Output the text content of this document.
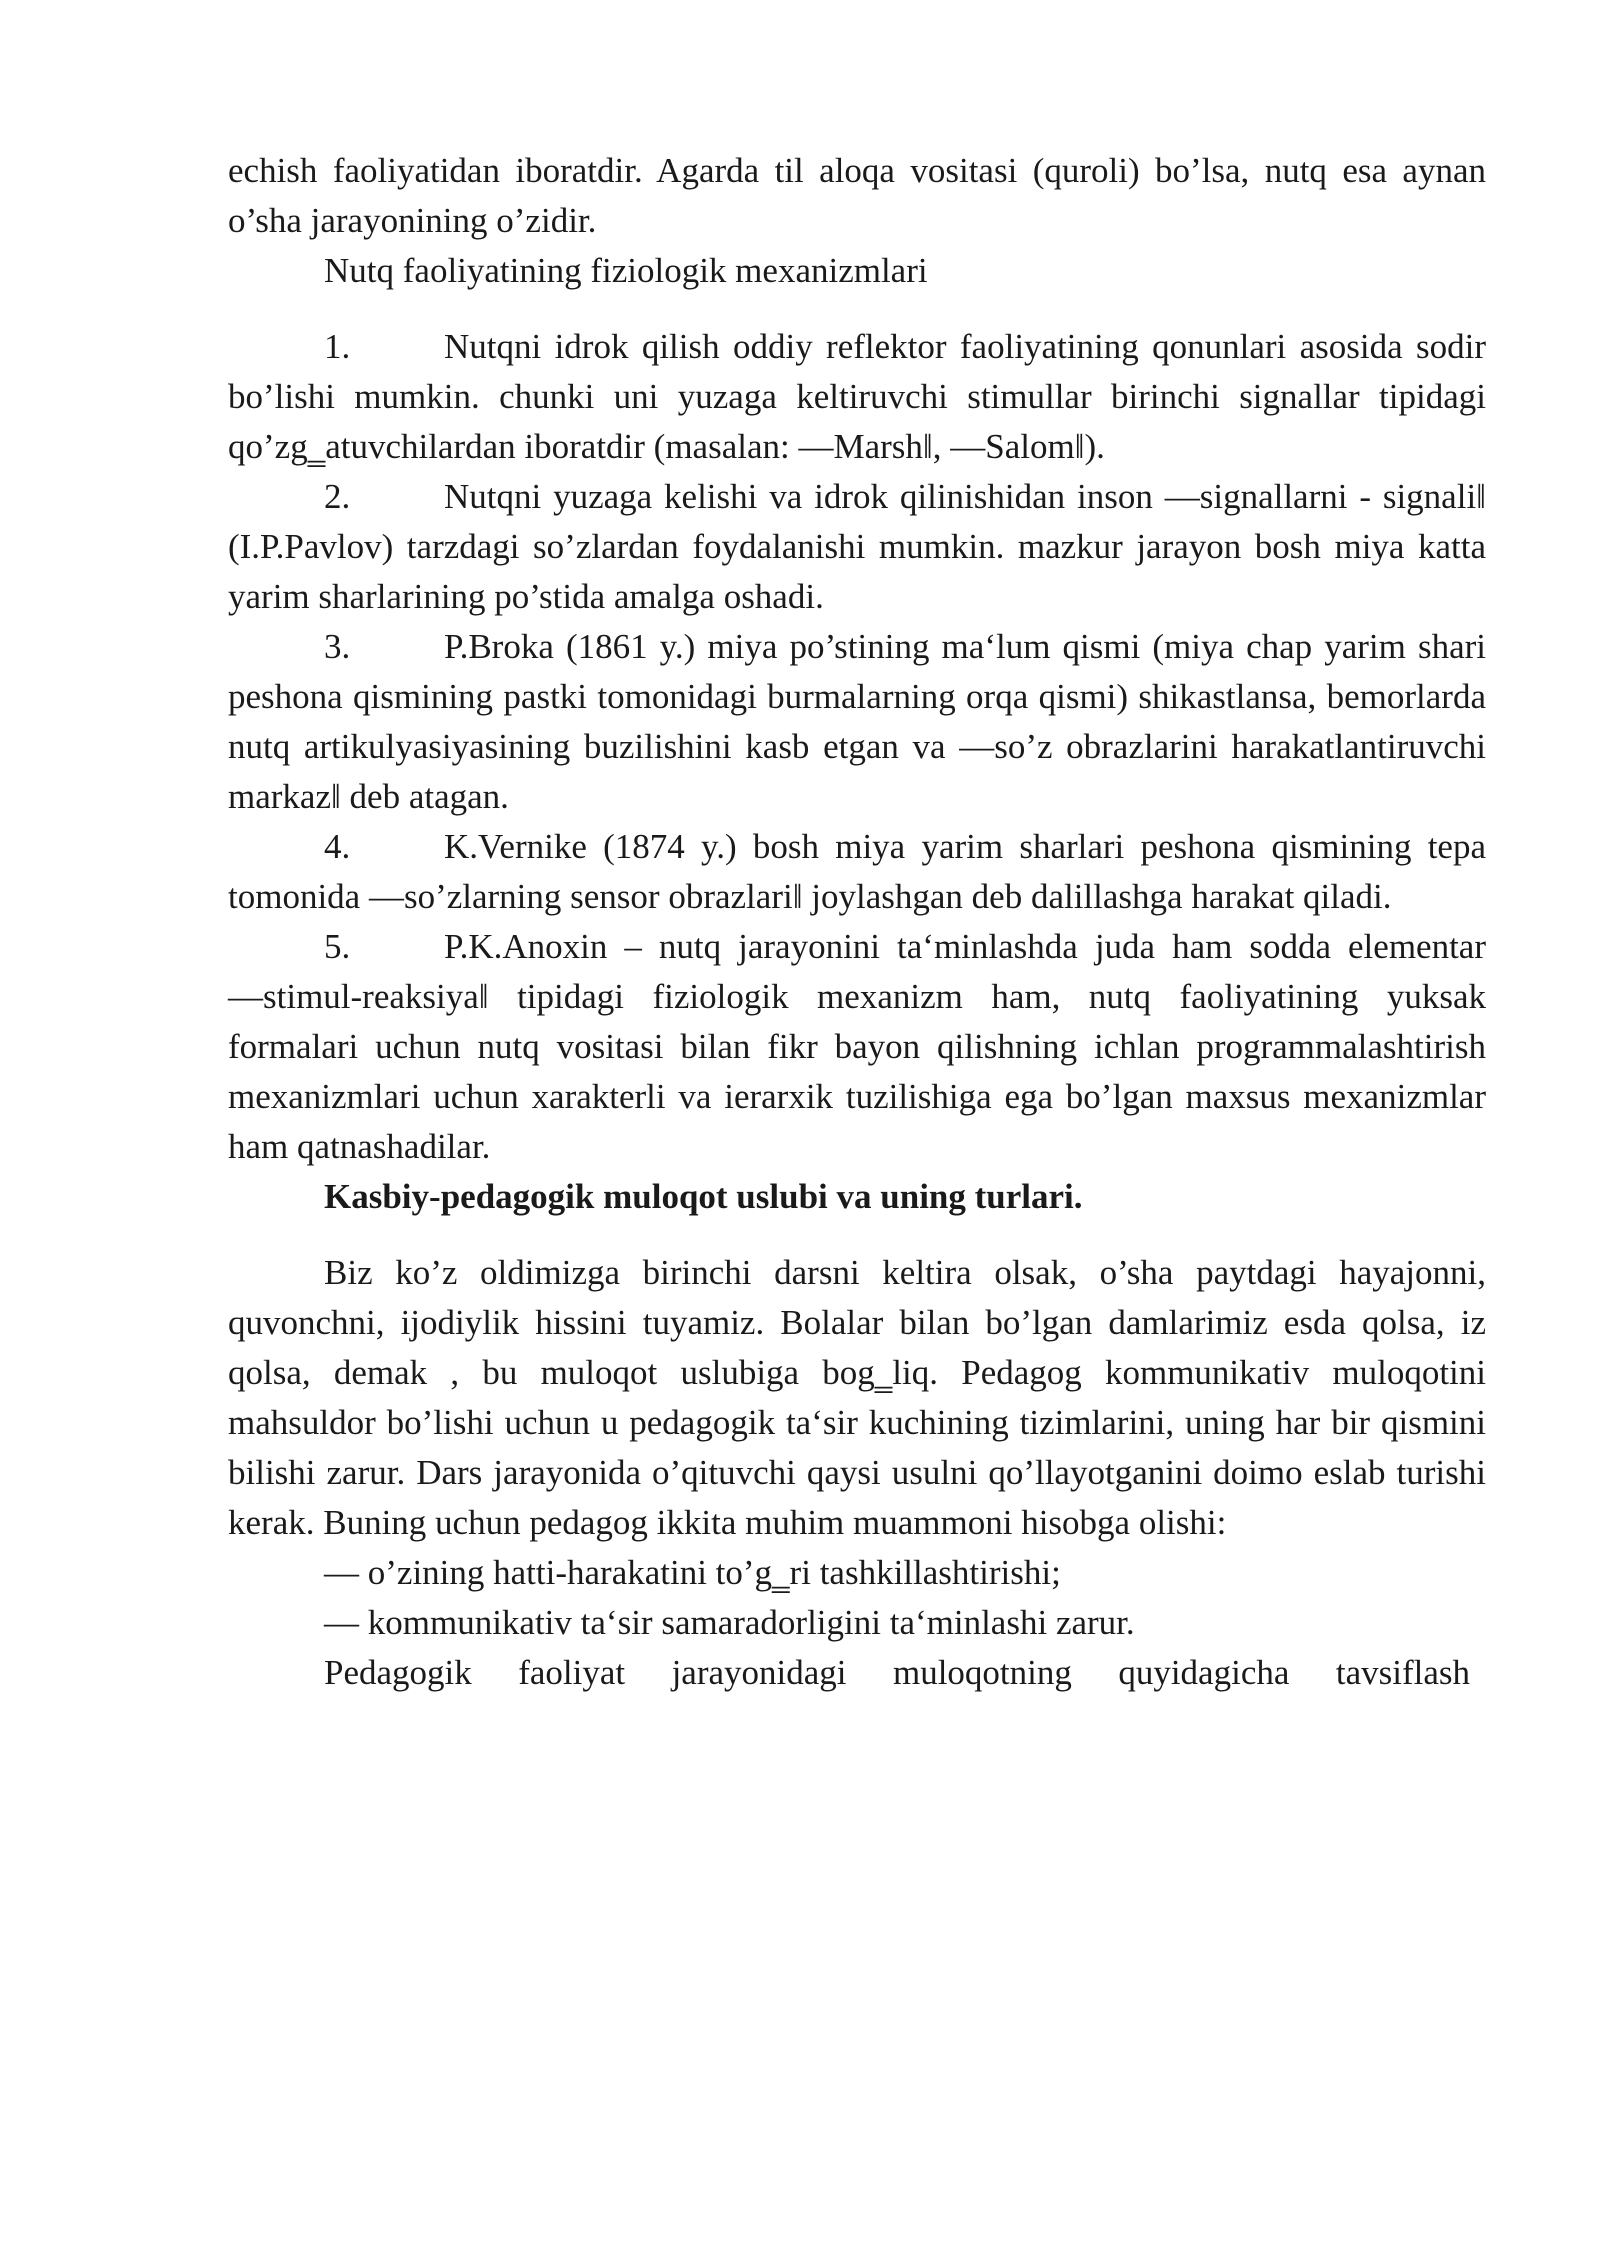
echish faoliyatidan iboratdir. Agarda til aloqa vositasi (quroli) bo’lsa, nutq esa aynan o’sha jarayonining o’zidir.

Nutq faoliyatining fiziologik mexanizmlari

1.	Nutqni idrok qilish oddiy reflektor faoliyatining qonunlari asosida sodir bo’lishi mumkin. chunki uni yuzaga keltiruvchi stimullar birinchi signallar tipidagi qo’zg‗atuvchilardan iboratdir (masalan: ―Marsh‖, ―Salom‖).

2.	Nutqni yuzaga kelishi va idrok qilinishidan inson ―signallarni - signali‖ (I.P.Pavlov) tarzdagi so’zlardan foydalanishi mumkin. mazkur jarayon bosh miya katta yarim sharlarining po’stida amalga oshadi.

3.	P.Broka (1861 y.) miya po’stining ma‘lum qismi (miya chap yarim shari peshona qismining pastki tomonidagi burmalarning orqa qismi) shikastlansa, bemorlarda nutq artikulyasiyasining buzilishini kasb etgan va ―so’z obrazlarini harakatlantiruvchi markaz‖ deb atagan.

4.	K.Vernike (1874 y.) bosh miya yarim sharlari peshona qismining tepa tomonida ―so’zlarning sensor obrazlari‖ joylashgan deb dalillashga harakat qiladi.

5.	P.K.Anoxin – nutq jarayonini ta‘minlashda juda ham sodda elementar ―stimul-reaksiya‖ tipidagi fiziologik mexanizm ham, nutq faoliyatining yuksak formalari uchun nutq vositasi bilan fikr bayon qilishning ichlan programmalashtirish mexanizmlari uchun xarakterli va ierarxik tuzilishiga ega bo’lgan maxsus mexanizmlar ham qatnashadilar.

Kasbiy-pedagogik muloqot uslubi va uning turlari.

Biz ko’z oldimizga birinchi darsni keltira olsak, o’sha paytdagi hayajonni, quvonchni, ijodiylik hissini tuyamiz. Bolalar bilan bo’lgan damlarimiz esda qolsa, iz qolsa, demak , bu muloqot uslubiga bog‗liq. Pedagog kommunikativ muloqotini mahsuldor bo’lishi uchun u pedagogik ta‘sir kuchining tizimlarini, uning har bir qismini bilishi zarur. Dars jarayonida o’qituvchi qaysi usulni qo’llayotganini doimo eslab turishi kerak. Buning uchun pedagog ikkita muhim muammoni hisobga olishi:

— o’zining hatti-harakatini to’g‗ri tashkillashtirishi;

— kommunikativ ta‘sir samaradorligini ta‘minlashi zarur.

Pedagogik faoliyat jarayonidagi muloqotning quyidagicha tavsiflash
